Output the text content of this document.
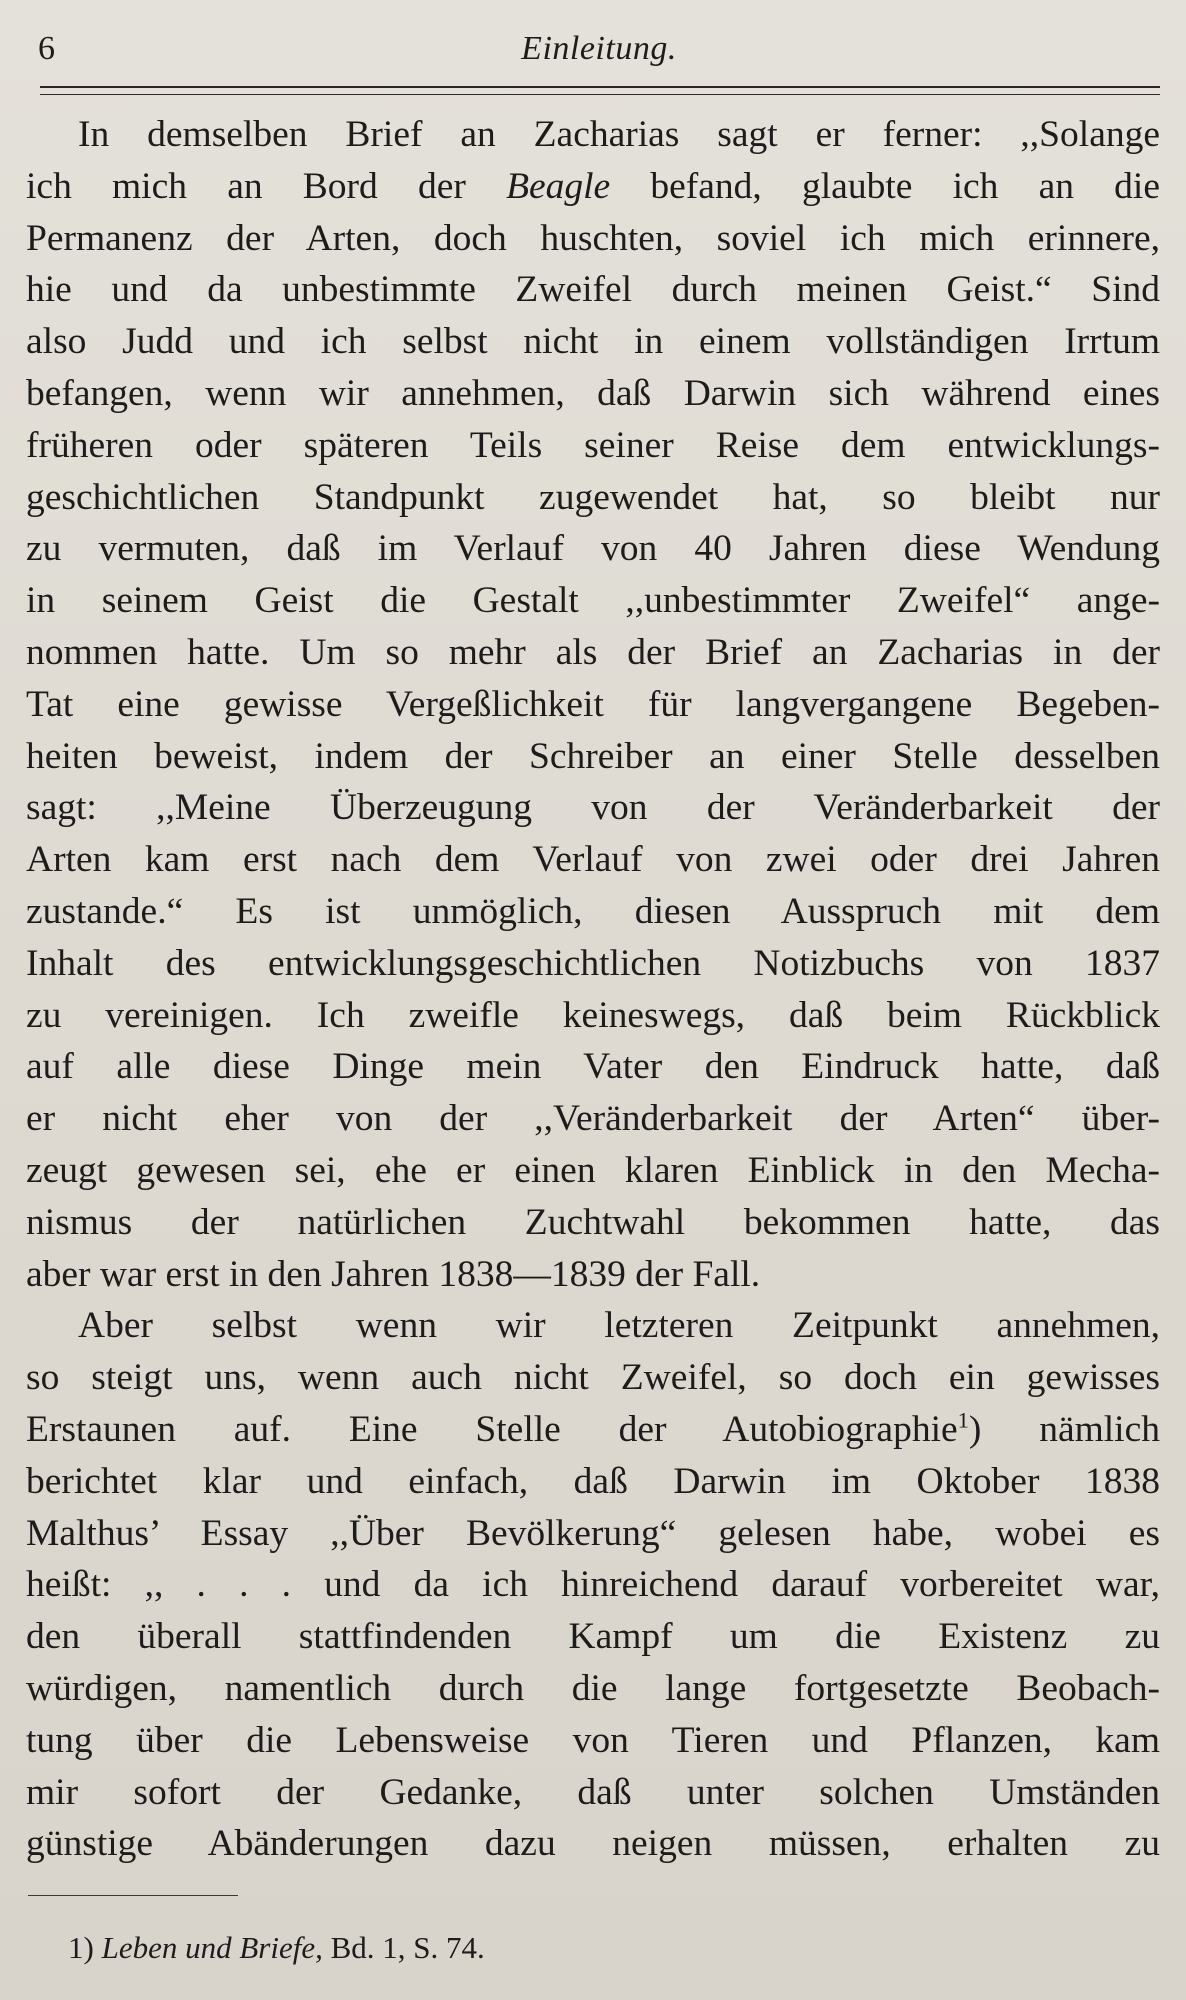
6	Einleitung.
In demselben Brief an Zacharias sagt er ferner: ,,Solange
ich mich an Bord der Beagle befand, glaubte ich an die
Permanenz der Arten, doch huschten, soviel ich mich erinnere,
hie und da unbestimmte Zweifel durch meinen Geist.“ Sind
also Judd und ich selbst nicht in einem vollständigen Irrtum
befangen, wenn wir annehmen, daß Darwin sich während eines
früheren oder späteren Teils seiner Reise dem entwicklungs-
geschichtlichen Standpunkt zugewendet hat, so bleibt nur
zu vermuten, daß im Verlauf von 40 Jahren diese Wendung
in seinem Geist die Gestalt ,,unbestimmter Zweifel“ ange-
nommen hatte. Um so mehr als der Brief an Zacharias in der
Tat eine gewisse Vergeßlichkeit für langvergangene Begeben-
heiten beweist, indem der Schreiber an einer Stelle desselben
sagt: ,,Meine Überzeugung von der Veränderbarkeit der
Arten kam erst nach dem Verlauf von zwei oder drei Jahren
zustande.“ Es ist unmöglich, diesen Ausspruch mit dem
Inhalt des entwicklungsgeschichtlichen Notizbuchs von 1837
zu vereinigen. Ich zweifle keineswegs, daß beim Rückblick
auf alle diese Dinge mein Vater den Eindruck hatte, daß
er nicht eher von der ,,Veränderbarkeit der Arten“ über-
zeugt gewesen sei, ehe er einen klaren Einblick in den Mecha-
nismus der natürlichen Zuchtwahl bekommen hatte, das
aber war erst in den Jahren 1838—1839 der Fall.
Aber selbst wenn wir letzteren Zeitpunkt annehmen,
so steigt uns, wenn auch nicht Zweifel, so doch ein gewisses
Erstaunen auf. Eine Stelle der Autobiographie$^1$) nämlich
berichtet klar und einfach, daß Darwin im Oktober 1838
Malthus’ Essay ,,Über Bevölkerung“ gelesen habe, wobei es
heißt: ,, . . . und da ich hinreichend darauf vorbereitet war,
den überall stattfindenden Kampf um die Existenz zu
würdigen, namentlich durch die lange fortgesetzte Beobach-
tung über die Lebensweise von Tieren und Pflanzen, kam
mir sofort der Gedanke, daß unter solchen Umständen
günstige Abänderungen dazu neigen müssen, erhalten zu
1) Leben und Briefe, Bd. 1, S. 74.
